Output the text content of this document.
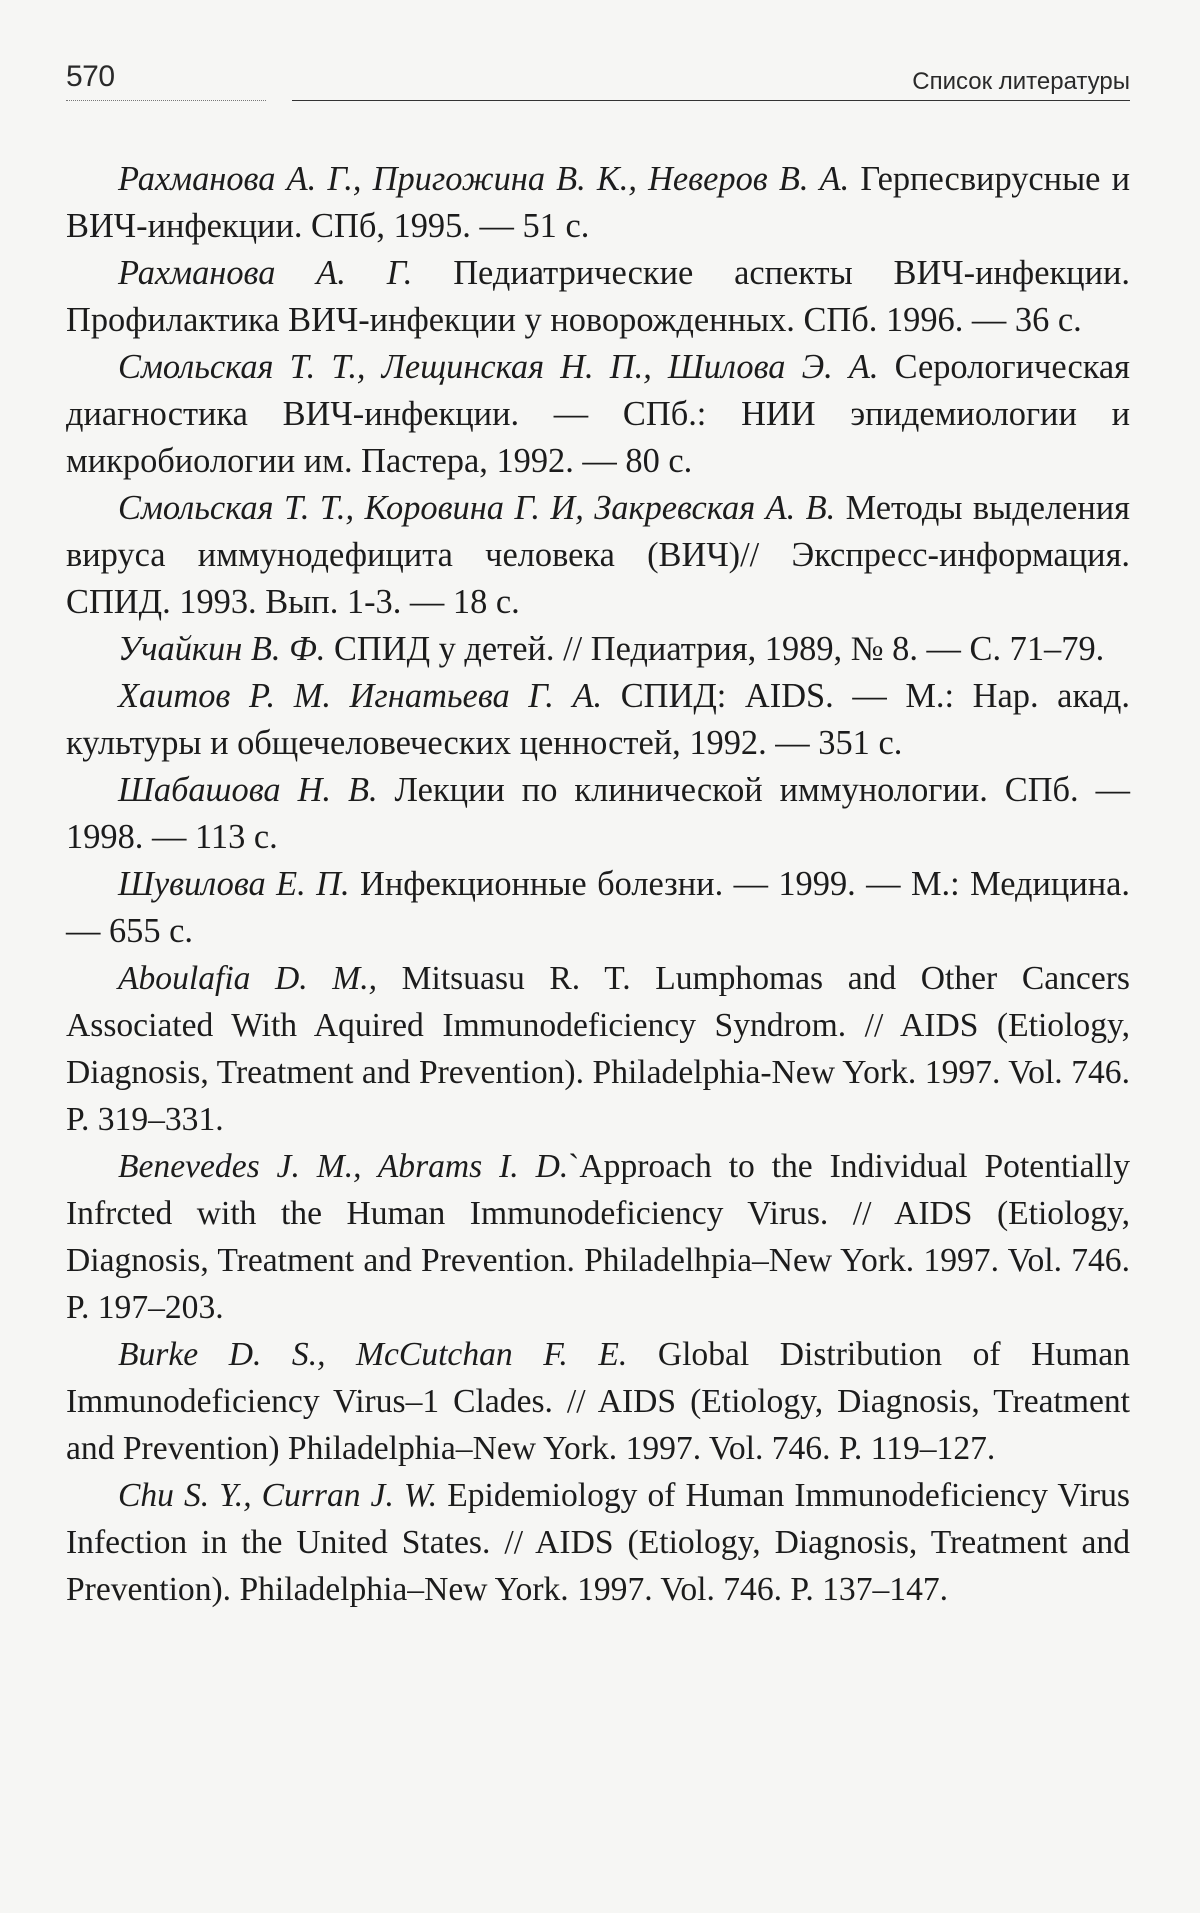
570	Список литературы

Рахманова А. Г., Пригожина В. К., Неверов В. А. Герпесвирусные и ВИЧ-инфекции. СПб, 1995. — 51 с.

Рахманова А. Г. Педиатрические аспекты ВИЧ-инфекции. Профилактика ВИЧ-инфекции у новорожденных. СПб. 1996. — 36 с.

Смольская Т. Т., Лещинская Н. П., Шилова Э. А. Серологическая диагностика ВИЧ-инфекции. — СПб.: НИИ эпидемиологии и микробиологии им. Пастера, 1992. — 80 с.

Смольская Т. Т., Коровина Г. И, Закревская А. В. Методы выделения вируса иммунодефицита человека (ВИЧ)// Экспресс-информация. СПИД. 1993. Вып. 1-3. — 18 с.

Учайкин В. Ф. СПИД у детей. // Педиатрия, 1989, № 8. — С. 71–79.

Хаитов Р. М. Игнатьева Г. А. СПИД: AIDS. — М.: Нар. акад. культуры и общечеловеческих ценностей, 1992. — 351 с.

Шабашова Н. В. Лекции по клинической иммунологии. СПб. — 1998. — 113 с.

Шувилова Е. П. Инфекционные болезни. — 1999. — М.: Медицина. — 655 с.

Aboulafia D. M., Mitsuasu R. T. Lumphomas and Other Cancers Associated With Aquired Immunodeficiency Syndrom. // AIDS (Etiology, Diagnosis, Treatment and Prevention). Philadelphia-New York. 1997. Vol. 746. P. 319–331.

Benevedes J. M., Abrams I. D.`Approach to the Individual Potentially Infrcted with the Human Immunodeficiency Virus. // AIDS (Etiology, Diagnosis, Treatment and Prevention. Philadelhpia–New York. 1997. Vol. 746. P. 197–203.

Burke D. S., McCutchan F. E. Global Distribution of Human Immunodeficiency Virus–1 Clades. // AIDS (Etiology, Diagnosis, Treatment and Prevention) Philadelphia–New York. 1997. Vol. 746. P. 119–127.

Chu S. Y., Curran J. W. Epidemiology of Human Immunodeficiency Virus Infection in the United States. // AIDS (Etiology, Diagnosis, Treatment and Prevention). Philadelphia–New York. 1997. Vol. 746. P. 137–147.
